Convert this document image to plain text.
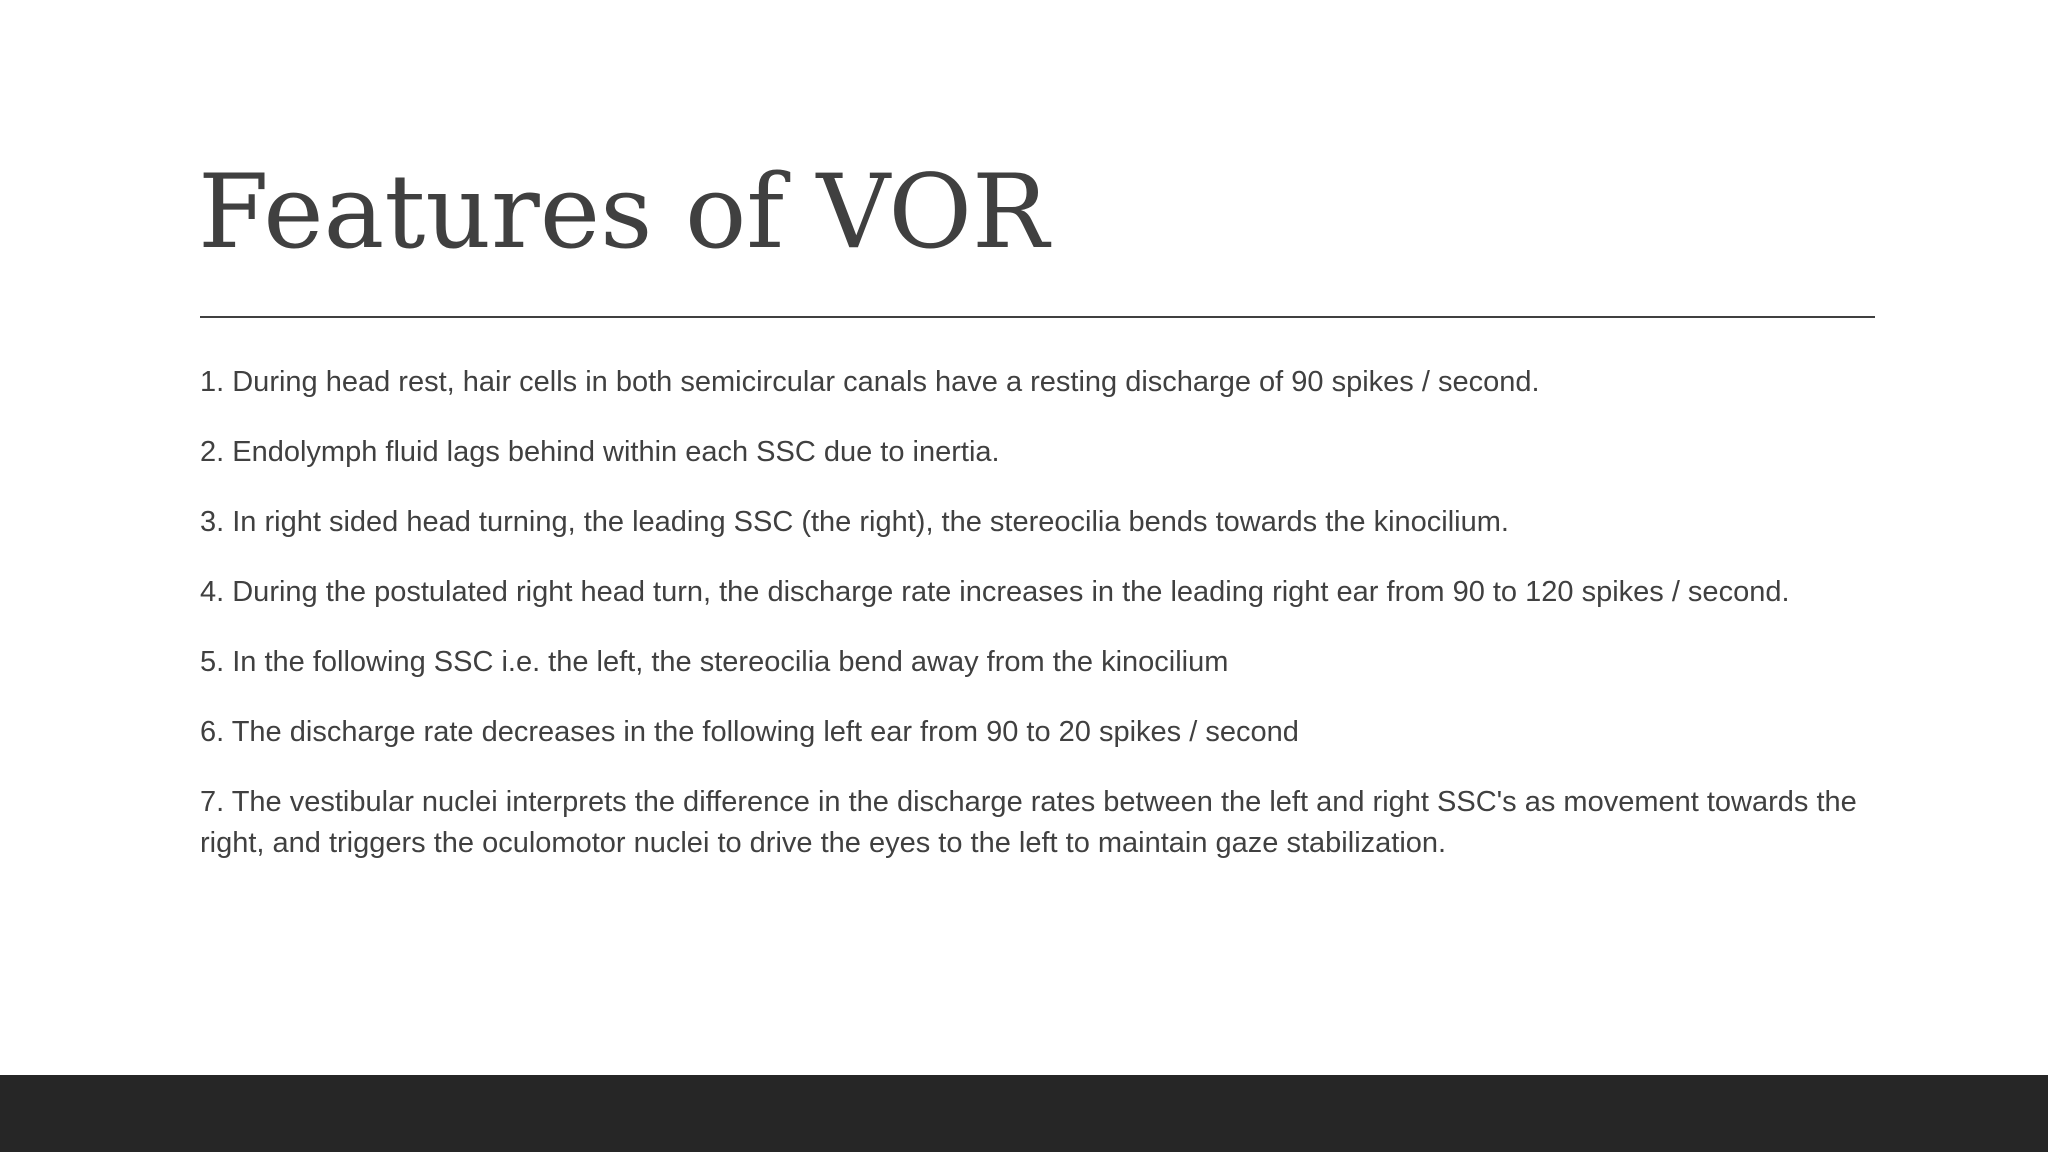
Features of VOR

1. During head rest, hair cells in both semicircular canals have a resting discharge of 90 spikes / second.

2. Endolymph fluid lags behind within each SSC due to inertia.

3. In right sided head turning, the leading SSC (the right), the stereocilia bends towards the kinocilium.

4. During the postulated right head turn, the discharge rate increases in the leading right ear from 90 to 120 spikes / second.

5. In the following SSC i.e. the left, the stereocilia bend away from the kinocilium

6. The discharge rate decreases in the following left ear from 90 to 20 spikes / second

7. The vestibular nuclei interprets the difference in the discharge rates between the left and right SSC's as movement towards the right, and triggers the oculomotor nuclei to drive the eyes to the left to maintain gaze stabilization.
